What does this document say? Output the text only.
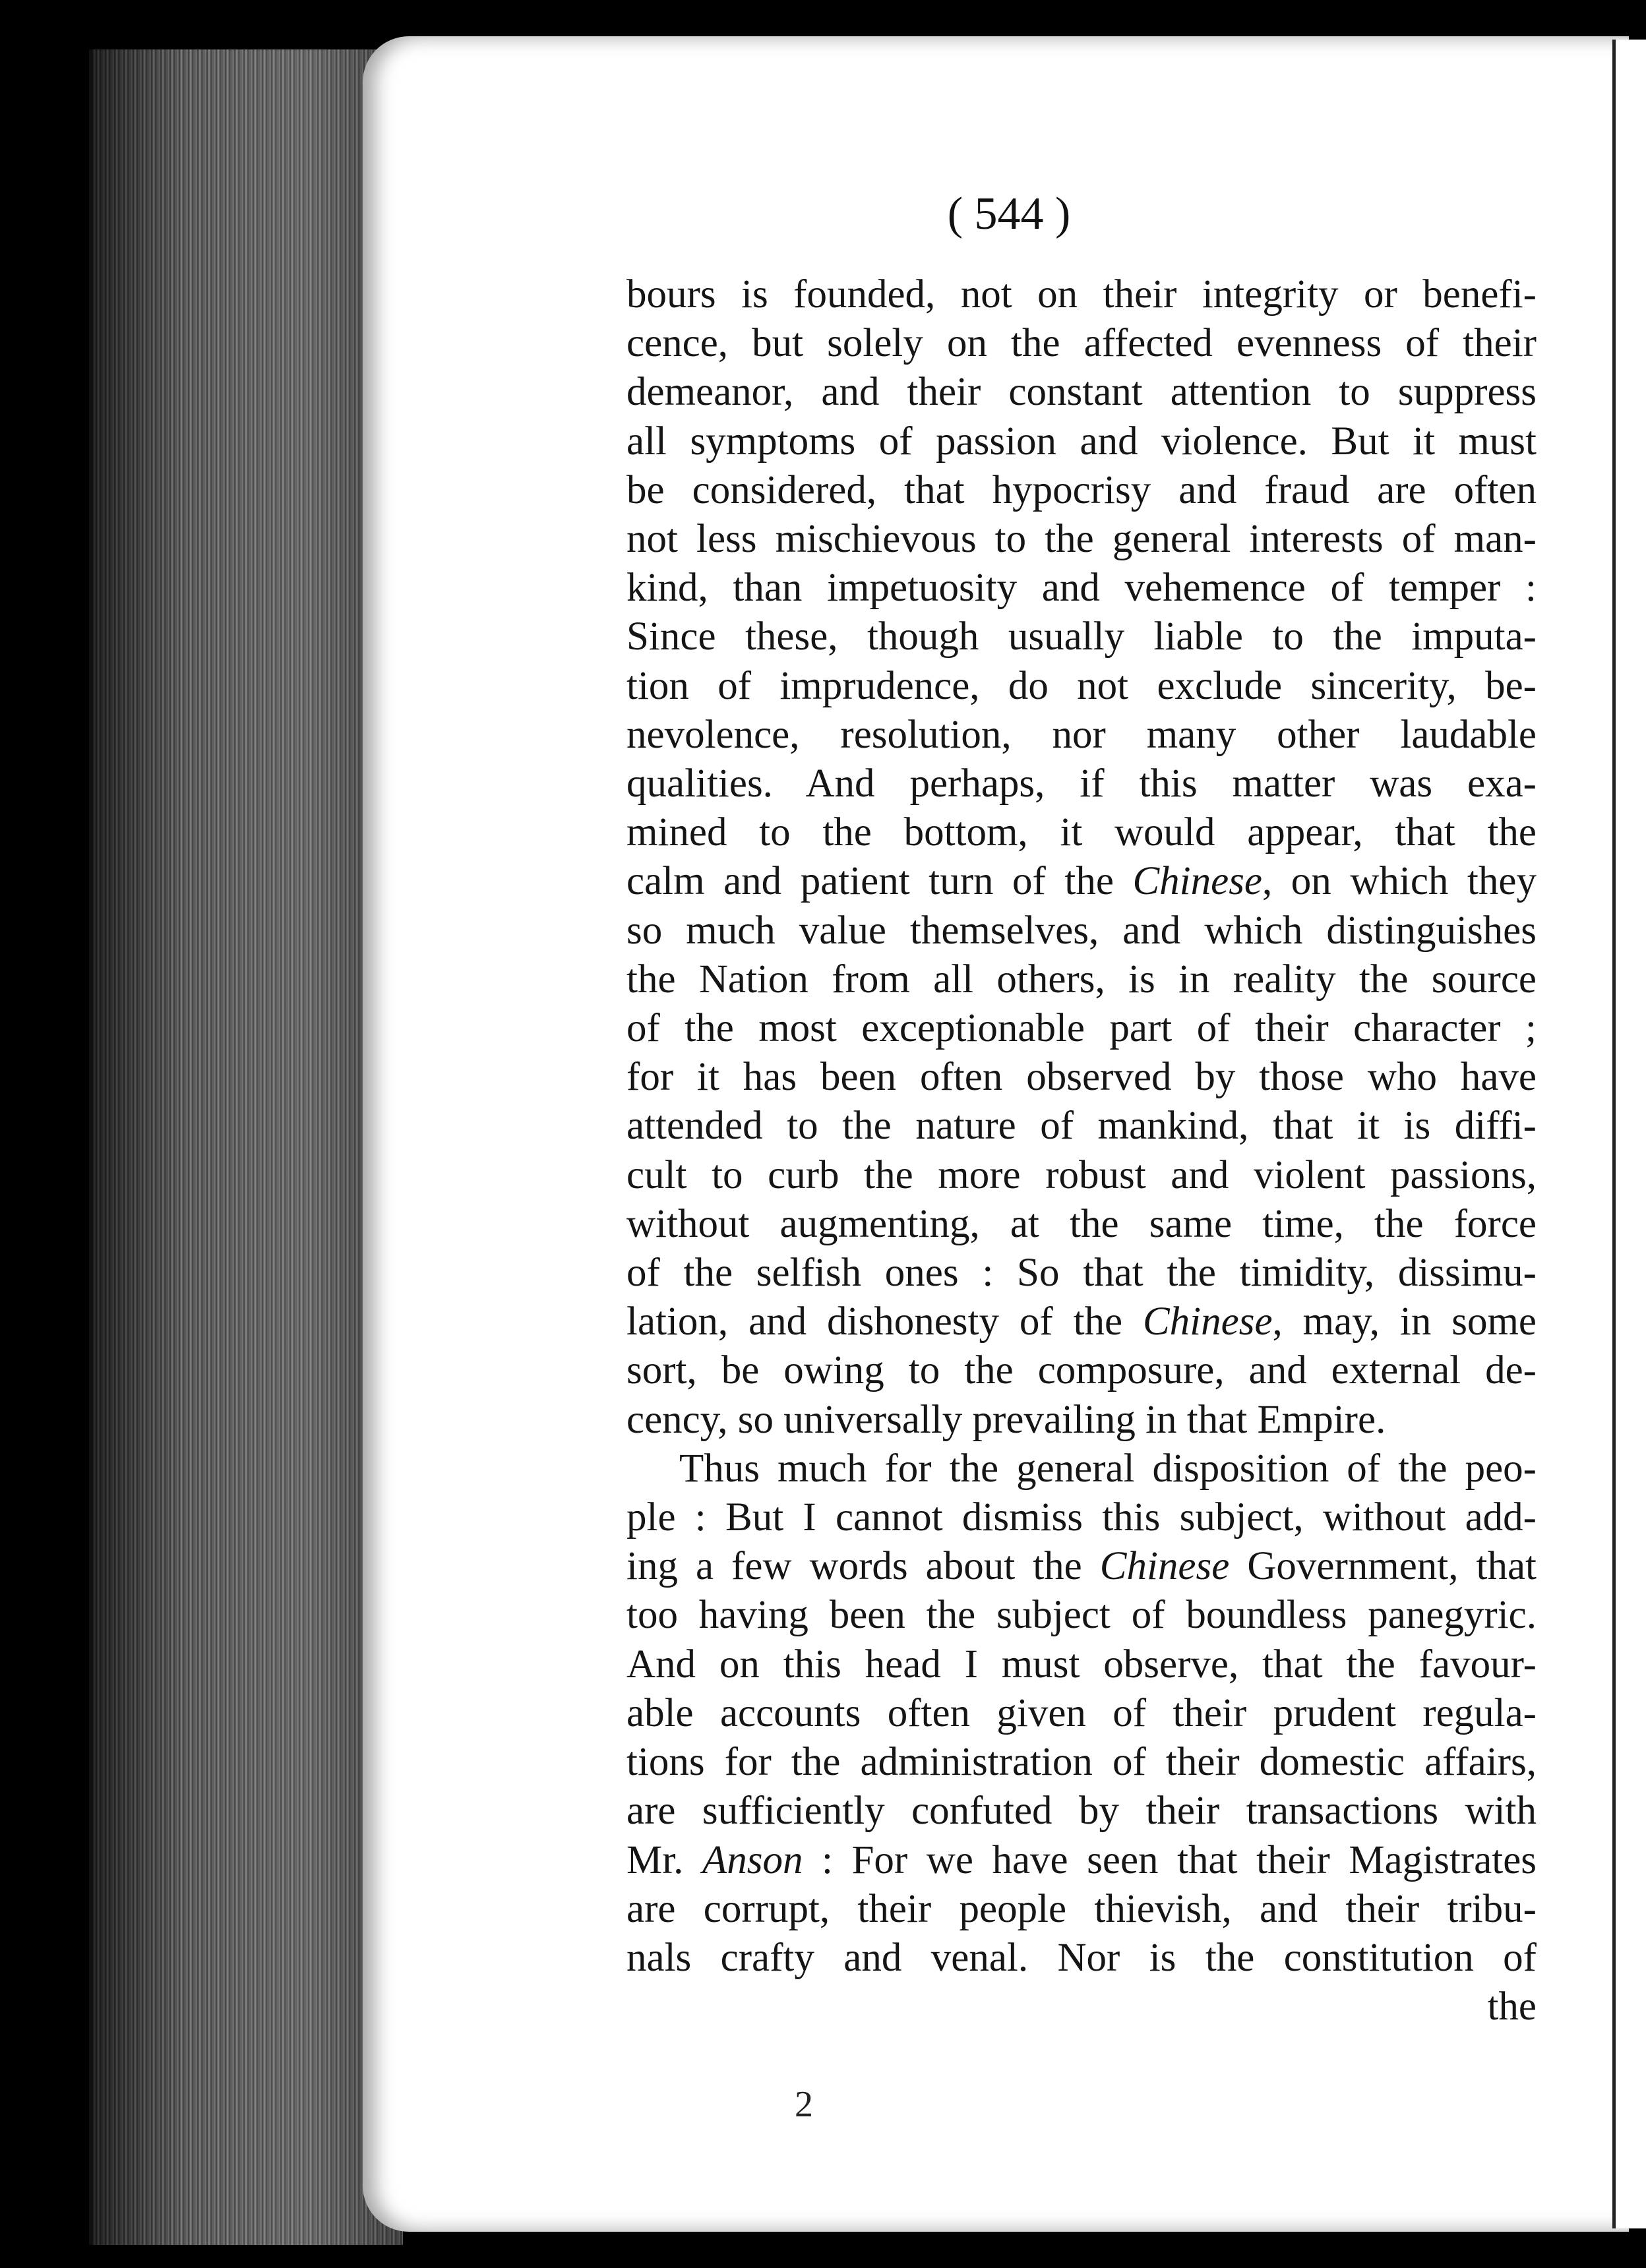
( 544 )
bours is founded, not on their integrity or benefi-
cence, but solely on the affected evenness of their
demeanor, and their constant attention to suppress
all symptoms of passion and violence. But it must
be considered, that hypocrisy and fraud are often
not less mischievous to the general interests of man-
kind, than impetuosity and vehemence of temper :
Since these, though usually liable to the imputa-
tion of imprudence, do not exclude sincerity, be-
nevolence, resolution, nor many other laudable
qualities. And perhaps, if this matter was exa-
mined to the bottom, it would appear, that the
calm and patient turn of the Chinese, on which they
so much value themselves, and which distinguishes
the Nation from all others, is in reality the source
of the most exceptionable part of their character ;
for it has been often observed by those who have
attended to the nature of mankind, that it is diffi-
cult to curb the more robust and violent passions,
without augmenting, at the same time, the force
of the selfish ones : So that the timidity, dissimu-
lation, and dishonesty of the Chinese, may, in some
sort, be owing to the composure, and external de-
cency, so universally prevailing in that Empire.
Thus much for the general disposition of the peo-
ple : But I cannot dismiss this subject, without add-
ing a few words about the Chinese Government, that
too having been the subject of boundless panegyric.
And on this head I must observe, that the favour-
able accounts often given of their prudent regula-
tions for the administration of their domestic affairs,
are sufficiently confuted by their transactions with
Mr. Anson : For we have seen that their Magistrates
are corrupt, their people thievish, and their tribu-
nals crafty and venal. Nor is the constitution of
the
2
